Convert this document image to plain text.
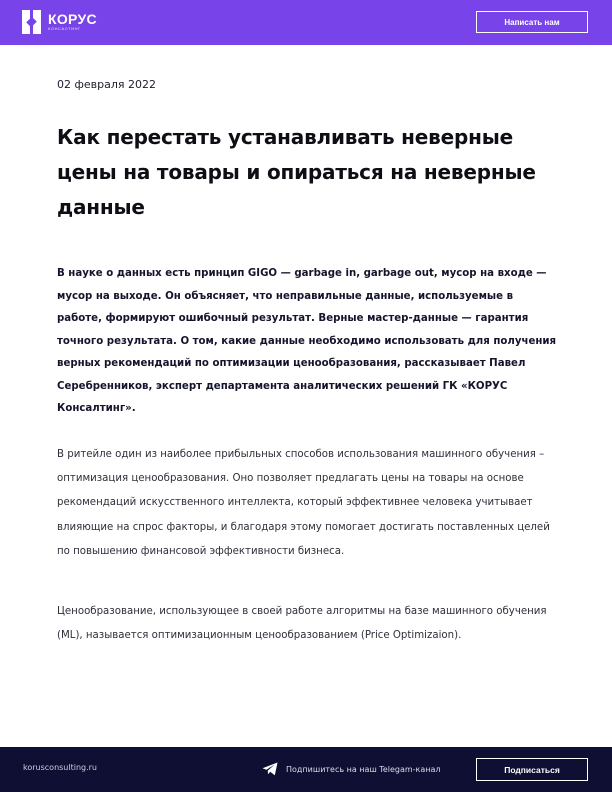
КОРУС
КОНСАЛТИНГ
Написать нам
02 февраля 2022
Как перестать устанавливать неверные цены на товары и опираться на неверные данные

В науке о данных есть принцип GIGO — garbage in, garbage out, мусор на входе — мусор на выходе. Он объясняет, что неправильные данные, используемые в работе, формируют ошибочный результат. Верные мастер-данные — гарантия точного результата. О том, какие данные необходимо использовать для получения верных рекомендаций по оптимизации ценообразования, рассказывает Павел Серебренников, эксперт департамента аналитических решений ГК «КОРУС Консалтинг».

В ритейле один из наиболее прибыльных способов использования машинного обучения – оптимизация ценообразования. Оно позволяет предлагать цены на товары на основе рекомендаций искусственного интеллекта, который эффективнее человека учитывает влияющие на спрос факторы, и благодаря этому помогает достигать поставленных целей по повышению финансовой эффективности бизнеса.

Ценообразование, использующее в своей работе алгоритмы на базе машинного обучения (ML), называется оптимизационным ценообразованием (Price Optimizaion).

korusconsulting.ru	Подпишитесь на наш Telegam-канал	Подписаться
